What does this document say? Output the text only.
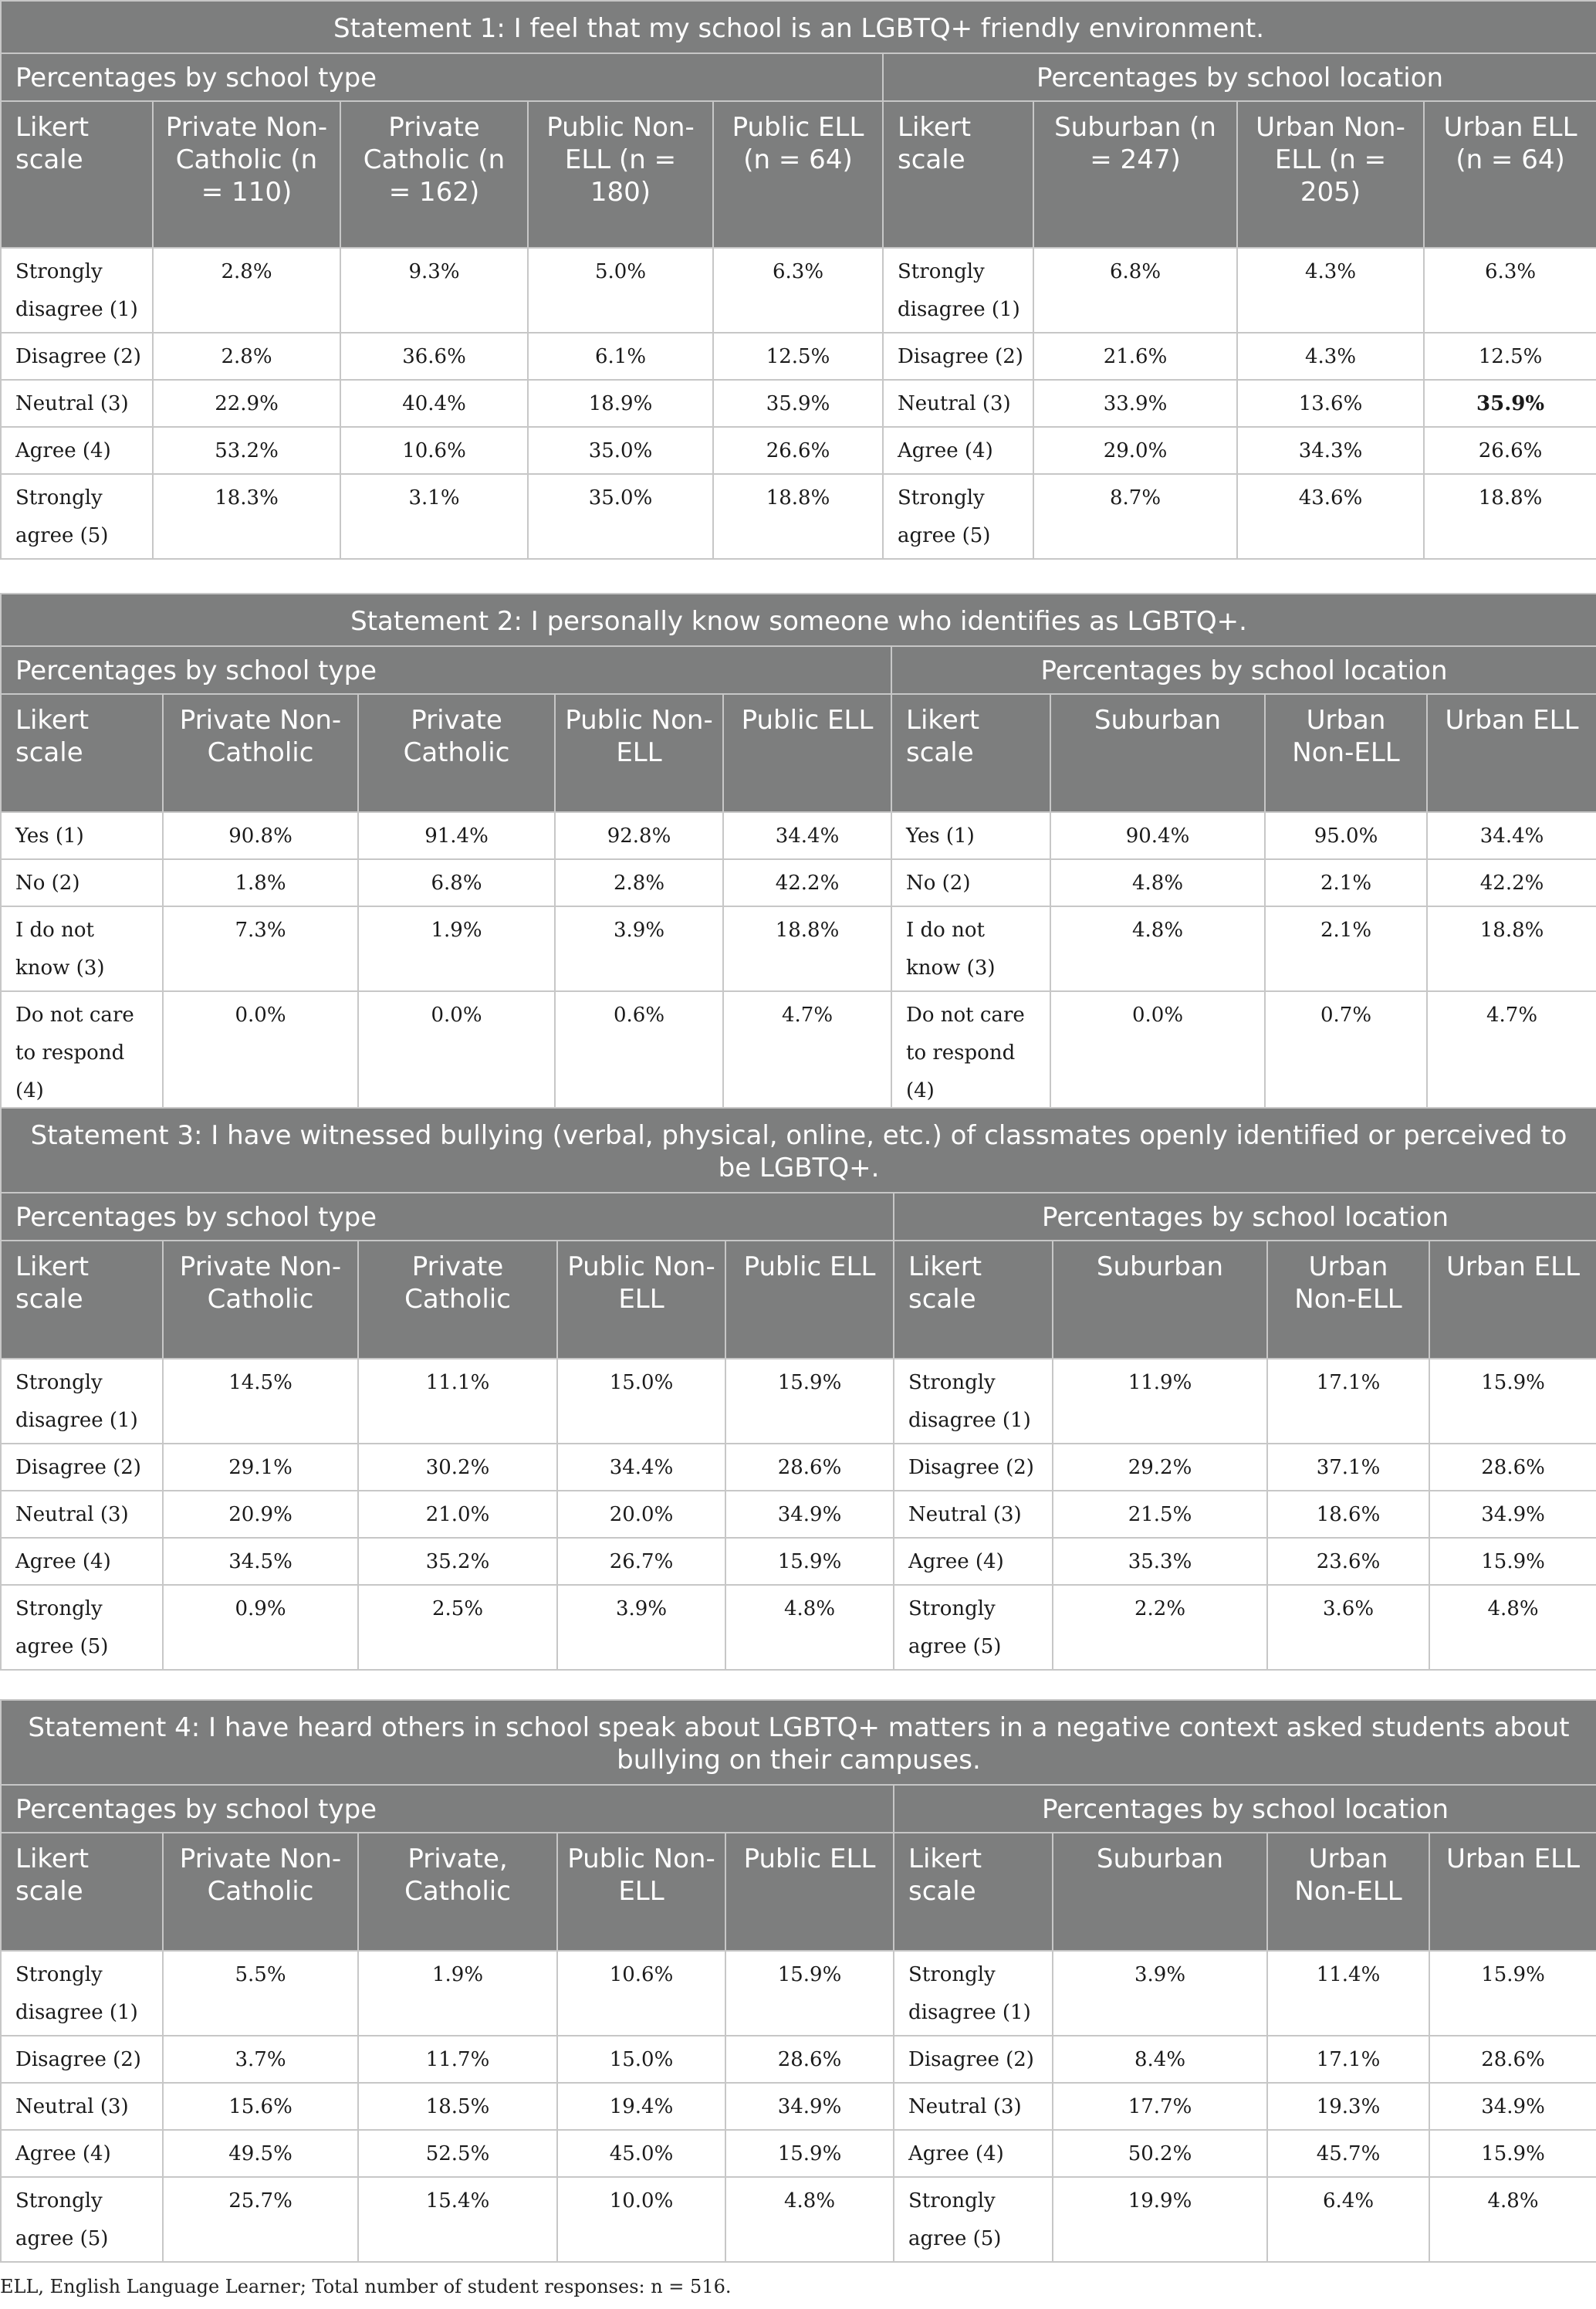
Statement 1: I feel that my school is an LGBTQ+ friendly environment.								
Percentages by school type					Percentages by school location			
Likert scale	Private Non-Catholic (n = 110)	Private Catholic (n = 162)	Public Non-ELL (n = 180)	Public ELL (n = 64)	Likert scale	Suburban (n = 247)	Urban Non-ELL (n = 205)	Urban ELL (n = 64)
Strongly disagree (1)	2.8%	9.3%	5.0%	6.3%	Strongly disagree (1)	6.8%	4.3%	6.3%
Disagree (2)	2.8%	36.6%	6.1%	12.5%	Disagree (2)	21.6%	4.3%	12.5%
Neutral (3)	22.9%	40.4%	18.9%	35.9%	Neutral (3)	33.9%	13.6%	35.9%
Agree (4)	53.2%	10.6%	35.0%	26.6%	Agree (4)	29.0%	34.3%	26.6%
Strongly agree (5)	18.3%	3.1%	35.0%	18.8%	Strongly agree (5)	8.7%	43.6%	18.8%
Statement 2: I personally know someone who identifies as LGBTQ+.								
Percentages by school type					Percentages by school location			
Likert scale	Private Non-Catholic	Private Catholic	Public Non-ELL	Public ELL	Likert scale	Suburban	Urban Non-ELL	Urban ELL
Yes (1)	90.8%	91.4%	92.8%	34.4%	Yes (1)	90.4%	95.0%	34.4%
No (2)	1.8%	6.8%	2.8%	42.2%	No (2)	4.8%	2.1%	42.2%
I do not know (3)	7.3%	1.9%	3.9%	18.8%	I do not know (3)	4.8%	2.1%	18.8%
Do not care to respond (4)	0.0%	0.0%	0.6%	4.7%	Do not care to respond (4)	0.0%	0.7%	4.7%
Statement 3: I have witnessed bullying (verbal, physical, online, etc.) of classmates openly identified or perceived to be LGBTQ+.								
Percentages by school type					Percentages by school location			
Likert scale	Private Non-Catholic	Private Catholic	Public Non-ELL	Public ELL	Likert scale	Suburban	Urban Non-ELL	Urban ELL
Strongly disagree (1)	14.5%	11.1%	15.0%	15.9%	Strongly disagree (1)	11.9%	17.1%	15.9%
Disagree (2)	29.1%	30.2%	34.4%	28.6%	Disagree (2)	29.2%	37.1%	28.6%
Neutral (3)	20.9%	21.0%	20.0%	34.9%	Neutral (3)	21.5%	18.6%	34.9%
Agree (4)	34.5%	35.2%	26.7%	15.9%	Agree (4)	35.3%	23.6%	15.9%
Strongly agree (5)	0.9%	2.5%	3.9%	4.8%	Strongly agree (5)	2.2%	3.6%	4.8%
Statement 4: I have heard others in school speak about LGBTQ+ matters in a negative context asked students about bullying on their campuses.								
Percentages by school type					Percentages by school location			
Likert scale	Private Non-Catholic	Private, Catholic	Public Non-ELL	Public ELL	Likert scale	Suburban	Urban Non-ELL	Urban ELL
Strongly disagree (1)	5.5%	1.9%	10.6%	15.9%	Strongly disagree (1)	3.9%	11.4%	15.9%
Disagree (2)	3.7%	11.7%	15.0%	28.6%	Disagree (2)	8.4%	17.1%	28.6%
Neutral (3)	15.6%	18.5%	19.4%	34.9%	Neutral (3)	17.7%	19.3%	34.9%
Agree (4)	49.5%	52.5%	45.0%	15.9%	Agree (4)	50.2%	45.7%	15.9%
Strongly agree (5)	25.7%	15.4%	10.0%	4.8%	Strongly agree (5)	19.9%	6.4%	4.8%
ELL, English Language Learner; Total number of student responses: n = 516.
